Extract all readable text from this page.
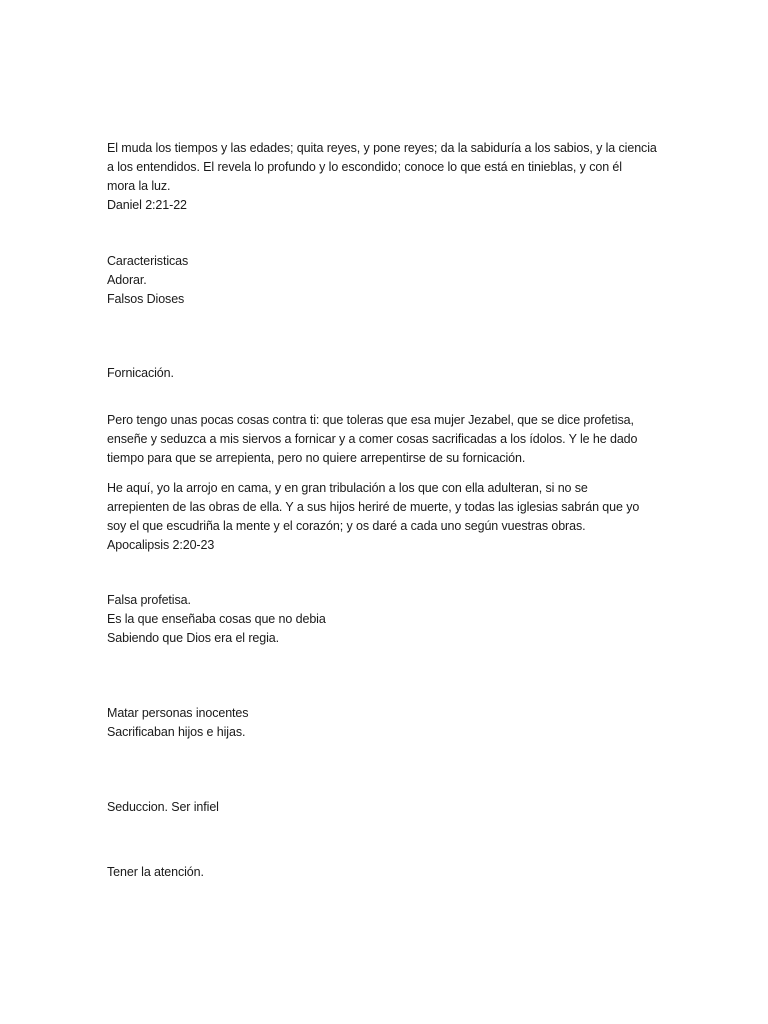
El muda los tiempos y las edades; quita reyes, y pone reyes; da la sabiduría a los sabios, y la ciencia
a los entendidos. El revela lo profundo y lo escondido; conoce lo que está en tinieblas, y con él
mora la luz.
Daniel 2:21-22
Caracteristicas
Adorar.
Falsos Dioses
Fornicación.
Pero tengo unas pocas cosas contra ti: que toleras que esa mujer Jezabel, que se dice profetisa,
enseñe y seduzca a mis siervos a fornicar y a comer cosas sacrificadas a los ídolos. Y le he dado
tiempo para que se arrepienta, pero no quiere arrepentirse de su fornicación.
He aquí, yo la arrojo en cama, y en gran tribulación a los que con ella adulteran, si no se
arrepienten de las obras de ella. Y a sus hijos heriré de muerte, y todas las iglesias sabrán que yo
soy el que escudriña la mente y el corazón; y os daré a cada uno según vuestras obras.
Apocalipsis 2:20-23
Falsa profetisa.
Es la que enseñaba cosas que no debia
Sabiendo que Dios era el regia.
Matar personas inocentes
Sacrificaban hijos e hijas.
Seduccion. Ser infiel
Tener la atención.
